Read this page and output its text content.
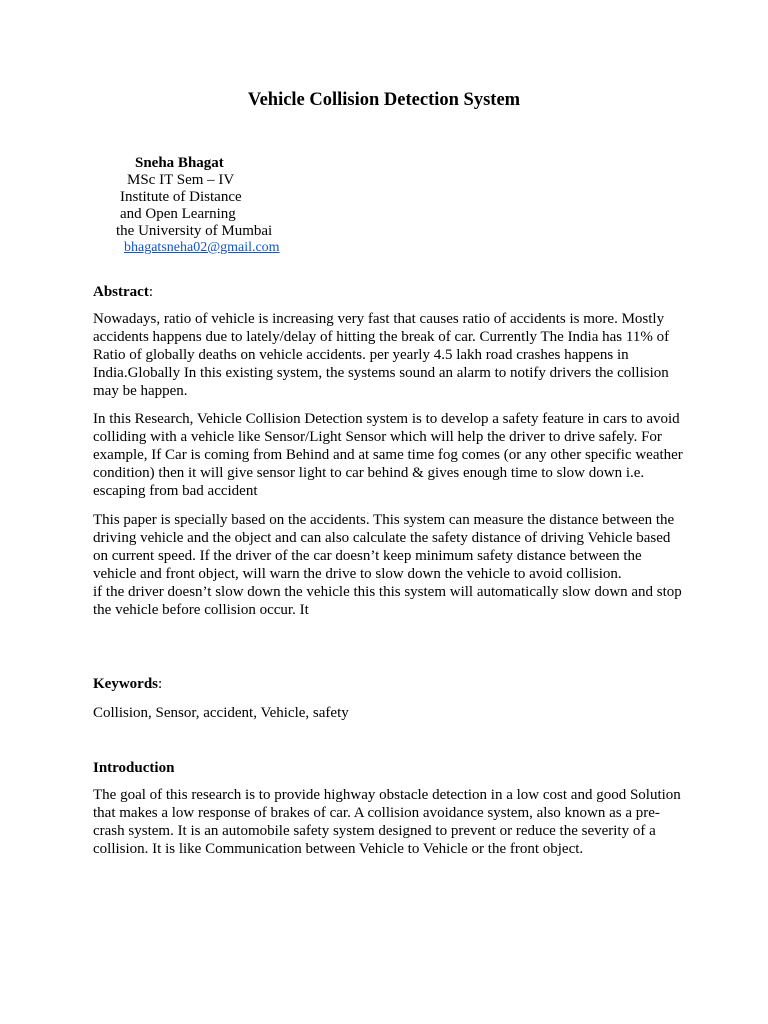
Vehicle Collision Detection System
Sneha Bhagat
MSc IT Sem – IV
Institute of Distance
and Open Learning
the University of Mumbai
bhagatsneha02@gmail.com
Abstract:

Nowadays, ratio of vehicle is increasing very fast that causes ratio of accidents is more. Mostly accidents happens due to lately/delay of hitting the break of car. Currently The India has 11% of Ratio of globally deaths on vehicle accidents. per yearly 4.5 lakh road crashes happens in India.Globally In this existing system, the systems sound an alarm to notify drivers the collision may be happen.

In this Research, Vehicle Collision Detection system is to develop a safety feature in cars to avoid colliding with a vehicle like Sensor/Light Sensor which will help the driver to drive safely. For example, If Car is coming from Behind and at same time fog comes (or any other specific weather condition) then it will give sensor light to car behind & gives enough time to slow down i.e. escaping from bad accident

This paper is specially based on the accidents. This system can measure the distance between the driving vehicle and the object and can also calculate the safety distance of driving Vehicle based on current speed. If the driver of the car doesn’t keep minimum safety distance between the vehicle and front object, will warn the drive to slow down the vehicle to avoid collision.

if the driver doesn’t slow down the vehicle this this system will automatically slow down and stop the vehicle before collision occur. It

Keywords:

Collision, Sensor, accident, Vehicle, safety

Introduction

The goal of this research is to provide highway obstacle detection in a low cost and good Solution that makes a low response of brakes of car. A collision avoidance system, also known as a pre-crash system. It is an automobile safety system designed to prevent or reduce the severity of a collision. It is like Communication between Vehicle to Vehicle or the front object.
